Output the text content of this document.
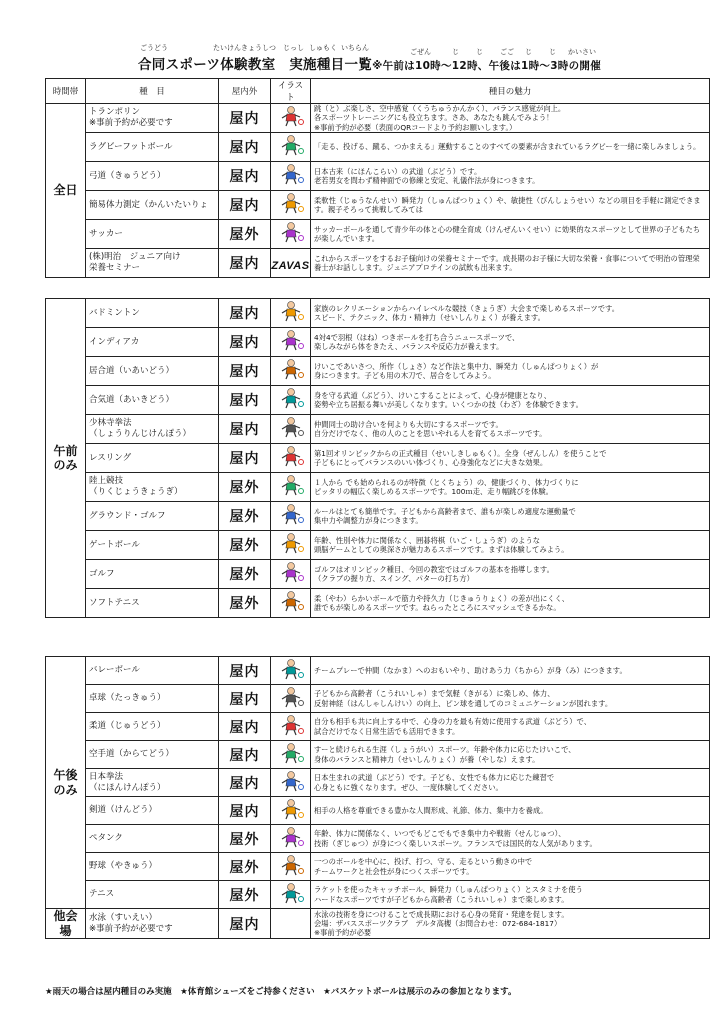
ごうどう	たいけんきょうしつ じっし しゅもく いちらん	ごぜん	じ じ ごご じ じ かいさい
合同スポーツ体験教室　実施種目一覧※午前は10時～12時、午後は1時～3時の開催
時間帯	種　目	屋内外	イラスト	種目の魅力
全日	トランポリン
※事前予約が必要です	屋内		跳（と）ぶ楽しさ、空中感覚（くうちゅうかんかく）、バランス感覚が向上。
各スポーツトレーニングにも役立ちます。さあ、あなたも跳んでみよう！
※事前予約が必要（表面のQRコードより予約お願いします。）
	ラグビーフットボール	屋内		「走る、投げる、蹴る、つかまえる」運動することのすべての要素が含まれているラグビーを一緒に楽しみましょう。
	弓道（きゅうどう）	屋内		日本古来（にほんこらい）の武道（ぶどう）です。
老若男女を問わず精神面での修練と安定、礼儀作法が身につきます。
	簡易体力測定（かんいたいりょ	屋内		柔軟性（じゅうなんせい）瞬発力（しゅんぱつりょく）や、敏捷性（びんしょうせい）などの項目を手軽に測定できます。親子そろって挑戦してみては
	サッカー	屋外		サッカーボールを通して青少年の体と心の健全育成（けんぜんいくせい）に効果的なスポーツとして世界の子どもたちが楽しんでいます。
	(株)明治　ジュニア向け
栄養セミナー	屋内	ZAVAS	これからスポーツをするお子様向けの栄養セミナーです。成長期のお子様に大切な栄養・食事についてで明治の管理栄養士がお話しします。ジュニアプロテインの試飲も出来ます。
午前
のみ	バドミントン	屋内		家族のレクリエーションからハイレベルな競技（きょうぎ）大会まで楽しめるスポーツです。
スピード、テクニック、体力・精神力（せいしんりょく）が養えます。
	インディアカ	屋内		4対4で羽根（はね）つきボールを打ち合うニュースポーツで、
楽しみながら体をきたえ、バランスや反応力が養えます。
	居合道（いあいどう）	屋内		けいこであいさつ、所作（しょさ）など作法と集中力、瞬発力（しゅんぱつりょく）が
身につきます。子ども用の木刀で、居合をしてみよう。
	合気道（あいきどう）	屋内		身を守る武道（ぶどう）、けいこすることによって、心身が健康となり、
姿勢や立ち居振る舞いが美しくなります。いくつかの技（わざ）を体験できます。
	少林寺拳法
（しょうりんじけんぽう）	屋内		仲間同士の助け合いを何よりも大切にするスポーツです。
自分だけでなく、他の人のことを思いやれる人を育てるスポーツです。
	レスリング	屋内		第1回オリンピックからの正式種目（せいしきしゅもく）。全身（ぜんしん）を使うことで
子どもにとってバランスのいい体づくり、心身強化などに大きな効果。
	陸上競技
（りくじょうきょうぎ）	屋外		１人から でも始められるのが特徴（とくちょう）の、健康づくり、体力づくりに
ピッタリの幅広く楽しめるスポーツです。100ｍ走、走り幅跳びを体験。
	グラウンド・ゴルフ	屋外		ルールはとても簡単です。子どもから高齢者まで、誰もが楽しめ適度な運動量で
集中力や調整力が身につきます。
	ゲートボール	屋外		年齢、性別や体力に関係なく、囲碁将棋（いご・しょうぎ）のような
頭脳ゲームとしての奥深さが魅力あるスポーツです。まずは体験してみよう。
	ゴルフ	屋外		ゴルフはオリンピック種目、今回の教室ではゴルフの基本を指導します。
（クラブの握り方、スイング、パターの打ち方）
	ソフトテニス	屋外		柔（やわ）らかいボールで筋力や持久力（じきゅうりょく）の差が出にくく、
誰でもが楽しめるスポーツです。ねらったところにスマッシュできるかな。
午後
のみ	バレーボール	屋内		チームプレーで仲間（なかま）へのおもいやり、助けあう力（ちから）が身（み）につきます。
	卓球（たっきゅう）	屋内		子どもから高齢者（こうれいしゃ）まで気軽（きがる）に楽しめ、体力、
反射神経（はんしゃしんけい）の向上、ピン球を通してのコミュニケーションが図れます。
	柔道（じゅうどう）	屋内		自分も相手も共に向上する中で、心身の力を最も有効に使用する武道（ぶどう）で、
試合だけでなく日常生活でも活用できます。
	空手道（からてどう）	屋内		すーと続けられる生涯（しょうがい）スポーツ。年齢や体力に応じたけいこで、
身体のバランスと精神力（せいしんりょく）が養（やしな）えます。
	日本拳法
（にほんけんぽう）	屋内		日本生まれの武道（ぶどう）です。子ども、女性でも体力に応じた練習で
心身ともに強くなります。ぜひ、一度体験してください。
	剣道（けんどう）	屋内		相手の人格を尊重できる豊かな人間形成、礼節、体力、集中力を養成。
	ペタンク	屋外		年齢、体力に関係なく、いつでもどこでもでき集中力や戦術（せんじゅつ）、
技術（ぎじゅつ）が身につく楽しいスポーツ。フランスでは国民的な人気があります。
	野球（やきゅう）	屋外		一つのボールを中心に、投げ、打つ、守る、走るという動きの中で
チームワークと社会性が身につくスポーツです。
	テニス	屋外		ラケットを使ったキャッチボール、瞬発力（しゅんぱつりょく）とスタミナを使う
ハードなスポーツですが子どもから高齢者（こうれいしゃ）まで楽しめます。
他会場	水泳（すいえい）
※事前予約が必要です	屋内		水泳の技術を身につけることで成長期における心身の発育・発達を促します。
会場：ザバススポーツクラブ　デルタ高槻（お問合わせ：072-684-1817）
※事前予約が必要
★雨天の場合は屋内種目のみ実施　★体育館シューズをご持参ください　★バスケットボールは展示のみの参加となります。
